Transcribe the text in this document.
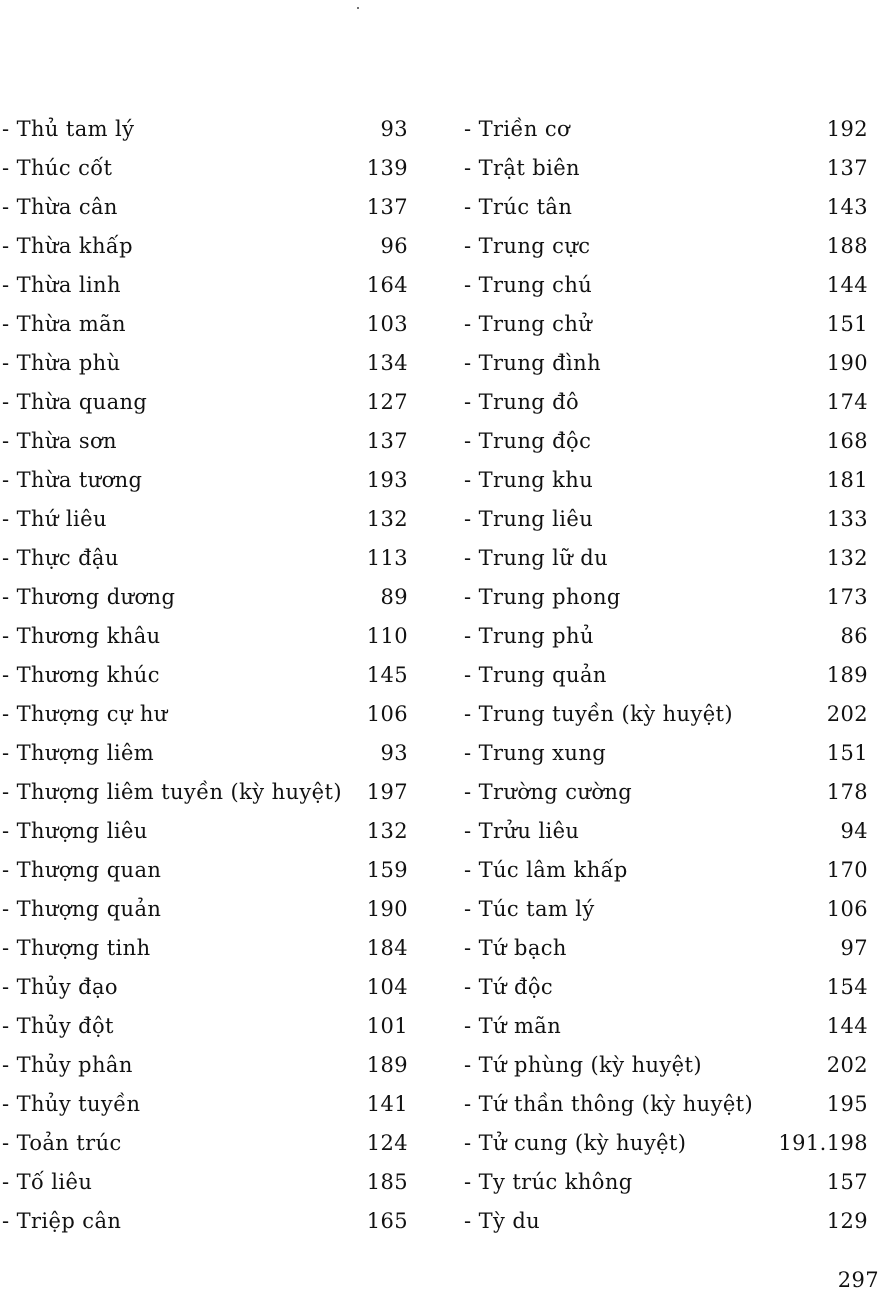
- Thủ tam lý	93
- Thúc cốt	139
- Thừa cân	137
- Thừa khấp	96
- Thừa linh	164
- Thừa mãn	103
- Thừa phù	134
- Thừa quang	127
- Thừa sơn	137
- Thừa tương	193
- Thứ liêu	132
- Thực đậu	113
- Thương dương	89
- Thương khâu	110
- Thương khúc	145
- Thượng cự hư	106
- Thượng liêm	93
- Thượng liêm tuyền (kỳ huyệt) 197
- Thượng liêu	132
- Thượng quan	159
- Thượng quản	190
- Thượng tinh	184
- Thủy đạo	104
- Thủy đột	101
- Thủy phân	189
- Thủy tuyền	141
- Toản trúc	124
- Tố liêu	185
- Triệp cân	165
- Triền cơ	192
- Trật biên	137
- Trúc tân	143
- Trung cực	188
- Trung chú	144
- Trung chử	151
- Trung đình	190
- Trung đô	174
- Trung độc	168
- Trung khu	181
- Trung liêu	133
- Trung lữ du	132
- Trung phong	173
- Trung phủ	86
- Trung quản	189
- Trung tuyền (kỳ huyệt)	202
- Trung xung	151
- Trường cường	178
- Trửu liêu	94
- Túc lâm khấp	170
- Túc tam lý	106
- Tứ bạch	97
- Tứ độc	154
- Tứ mãn	144
- Tứ phùng (kỳ huyệt)	202
- Tứ thần thông (kỳ huyệt)	195
- Tử cung (kỳ huyệt)	191.198
- Ty trúc không	157
- Tỳ du	129
297
